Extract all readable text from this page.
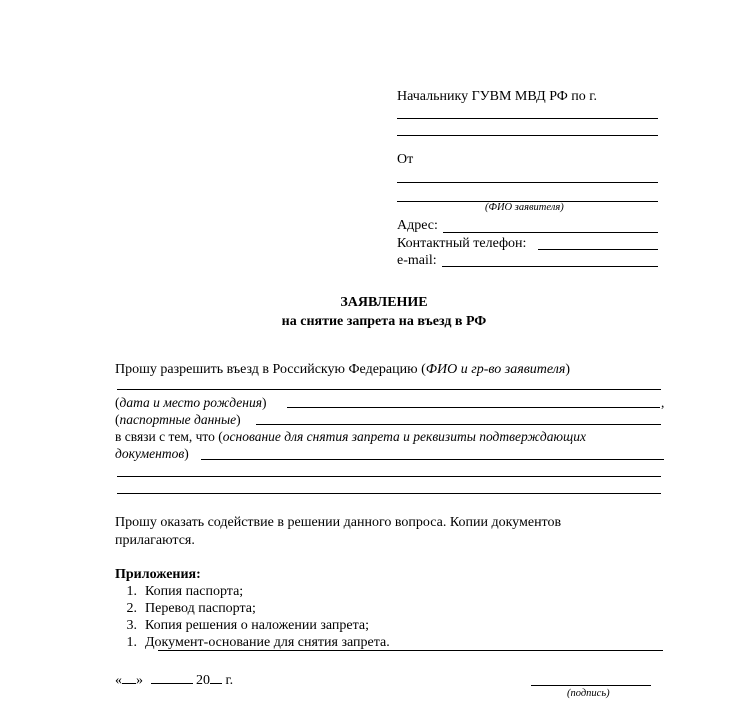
Начальнику ГУВМ МВД РФ по г.
От
(ФИО заявителя)
Адрес:
Контактный телефон:
e-mail:
ЗАЯВЛЕНИЕ
на снятие запрета на въезд в РФ
Прошу разрешить въезд в Российскую Федерацию (ФИО и гр-во заявителя)
(дата и место рождения)	,
(паспортные данные)
в связи с тем, что (основание для снятия запрета и реквизиты подтверждающих
документов)
Прошу оказать содействие в решении данного вопроса. Копии документов
прилагаются.
Приложения:
1. Копия паспорта;
2. Перевод паспорта;
3. Копия решения о наложении запрета;
1. Документ-основание для снятия запрета.
« »	20 г.
(подпись)
